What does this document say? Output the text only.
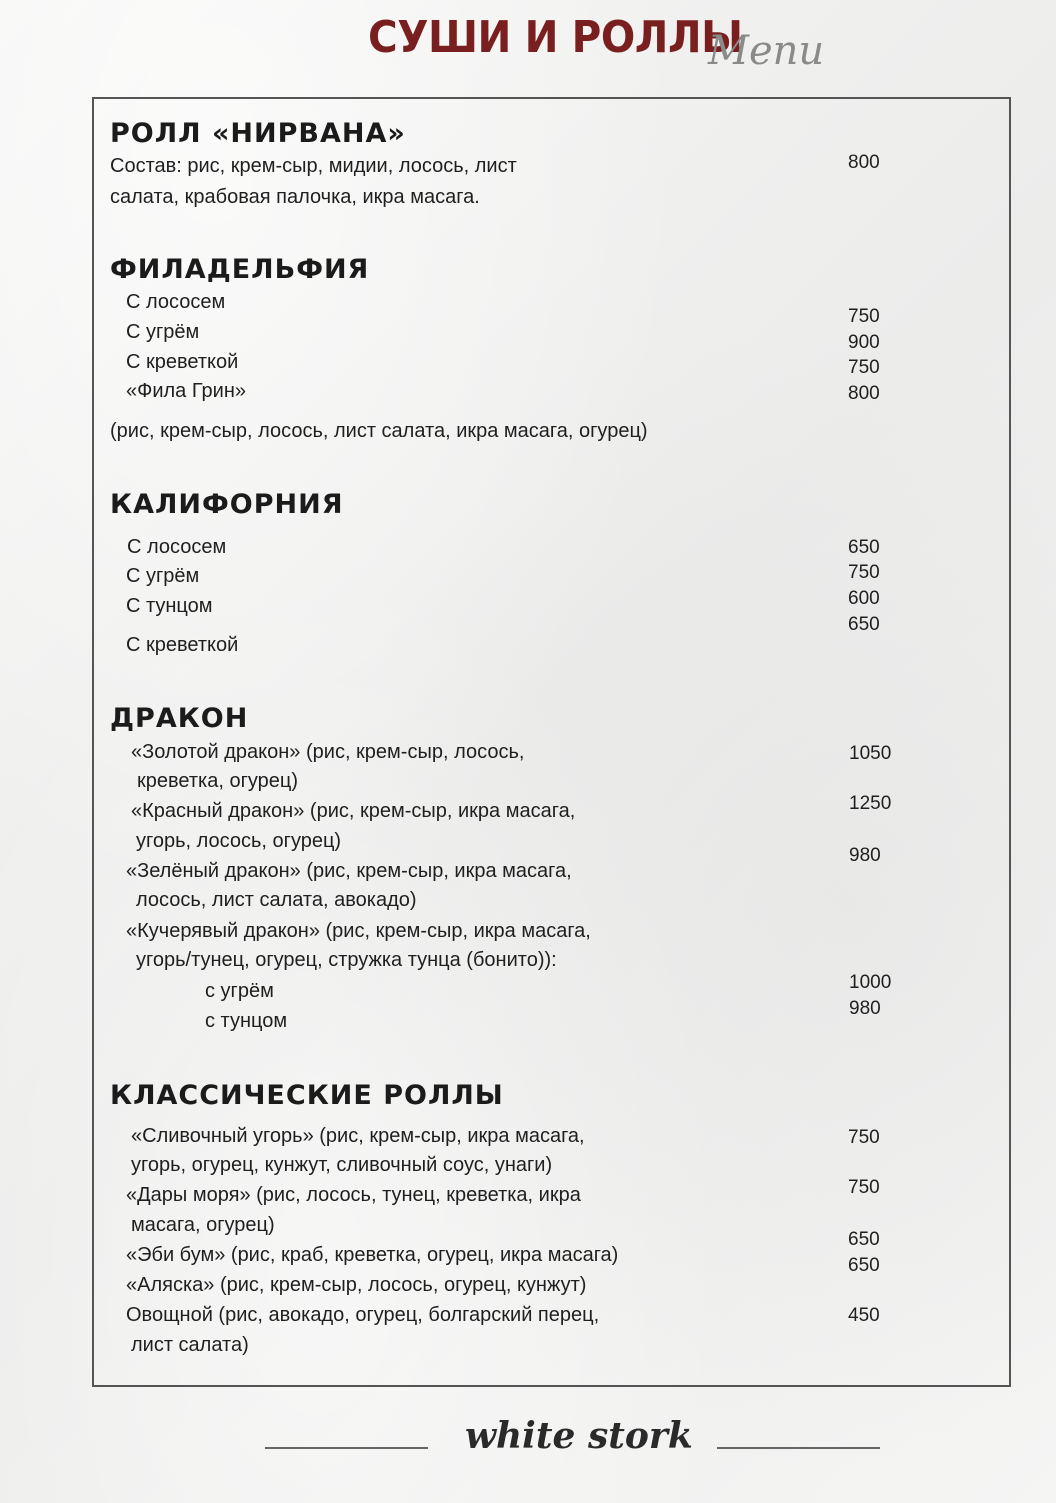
СУШИ И РОЛЛЫ
Menu
РОЛЛ «НИРВАНА»
Состав: рис, крем-сыр, мидии, лосось, лист
салата, крабовая палочка, икра масага.
800
ФИЛАДЕЛЬФИЯ
С лососем
С угрём
С креветкой
«Фила Грин»
750
900
750
800
(рис, крем-сыр, лосось, лист салата, икра масага, огурец)
КАЛИФОРНИЯ
С лососем
С угрём
С тунцом
С креветкой
650
750
600
650
ДРАКОН
«Золотой дракон» (рис, крем-сыр, лосось,
креветка, огурец)
«Красный дракон» (рис, крем-сыр, икра масага,
угорь, лосось, огурец)
«Зелёный дракон» (рис, крем-сыр, икра масага,
лосось, лист салата, авокадо)
«Кучерявый дракон» (рис, крем-сыр, икра масага,
угорь/тунец, огурец, стружка тунца (бонито)):
с угрём
с тунцом
1050
1250
980
1000
980
КЛАССИЧЕСКИЕ РОЛЛЫ
«Сливочный угорь» (рис, крем-сыр, икра масага,
угорь, огурец, кунжут, сливочный соус, унаги)
«Дары моря» (рис, лосось, тунец, креветка, икра
масага, огурец)
«Эби бум» (рис, краб, креветка, огурец, икра масага)
«Аляска» (рис, крем-сыр, лосось, огурец, кунжут)
Овощной (рис, авокадо, огурец, болгарский перец,
лист салата)
750
750
650
650
450
white stork
